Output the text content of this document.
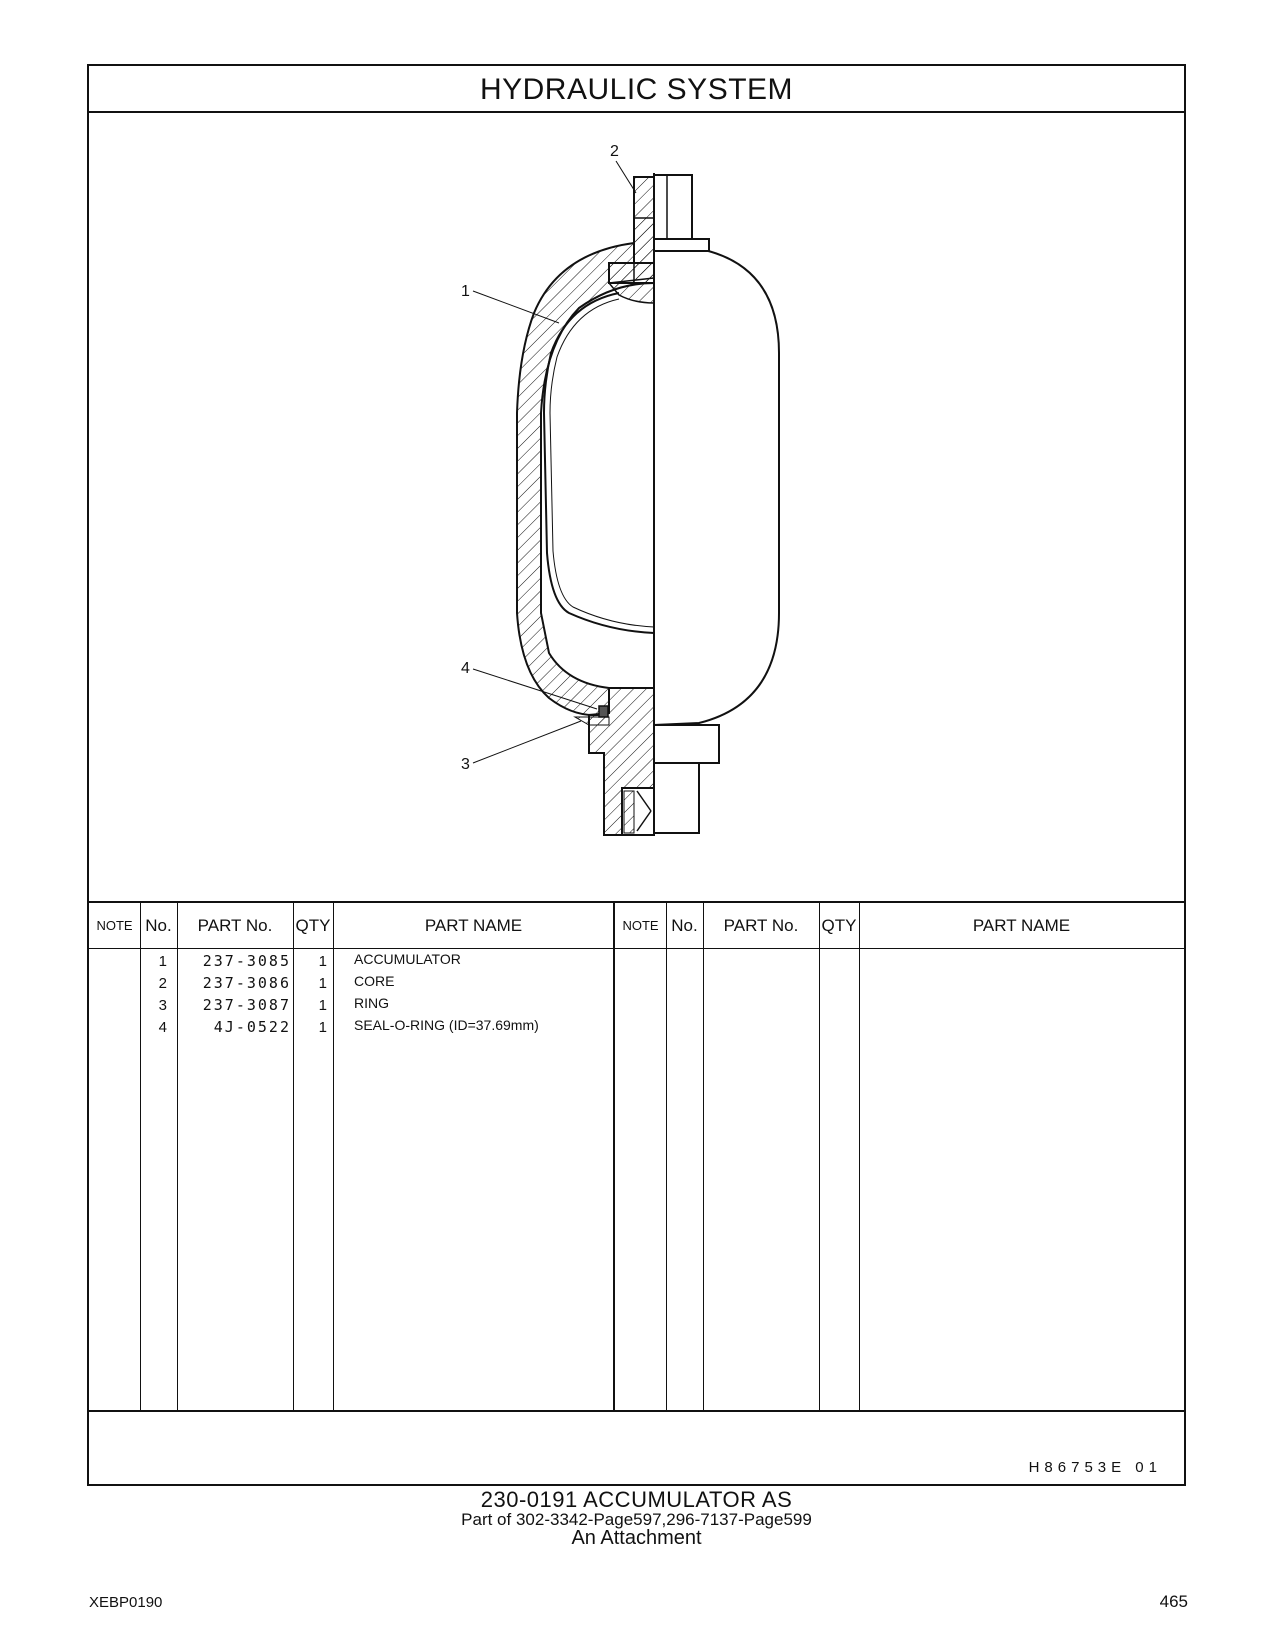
HYDRAULIC SYSTEM
2
1
4
3
NOTE No.	PART No.	QTY	PART NAME	NOTE No.	PART No.	QTY	PART NAME
1	237-3085	1 ACCUMULATOR
2	237-3086	1 CORE
3	237-3087	1 RING
4	4J-0522	1 SEAL-O-RING (ID=37.69mm)
H86753E 01
230-0191 ACCUMULATOR AS
Part of 302-3342-Page597,296-7137-Page599
An Attachment
XEBP0190	465
